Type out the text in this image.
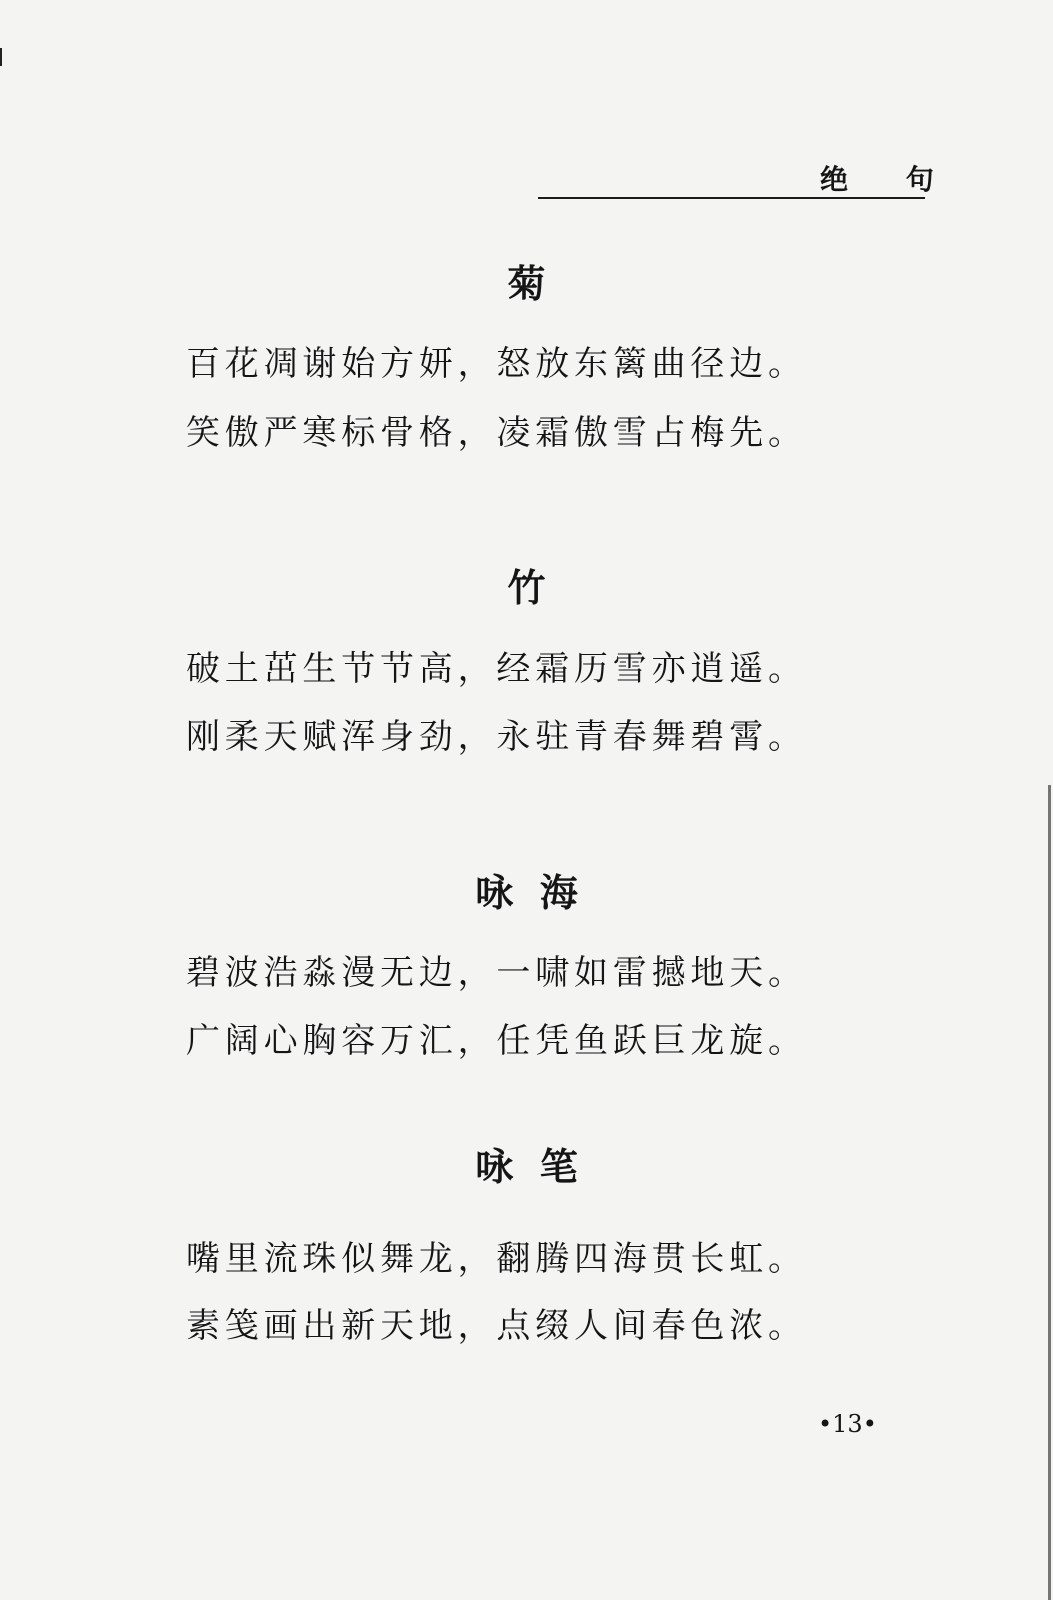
绝 句
菊
百花凋谢始方妍，怒放东篱曲径边。
笑傲严寒标骨格，凌霜傲雪占梅先。
竹
破土茁生节节高，经霜历雪亦逍遥。
刚柔天赋浑身劲，永驻青春舞碧霄。
咏  海
碧波浩淼漫无边，一啸如雷撼地天。
广阔心胸容万汇，任凭鱼跃巨龙旋。
咏  笔
嘴里流珠似舞龙，翻腾四海贯长虹。
素笺画出新天地，点缀人间春色浓。
•13•
